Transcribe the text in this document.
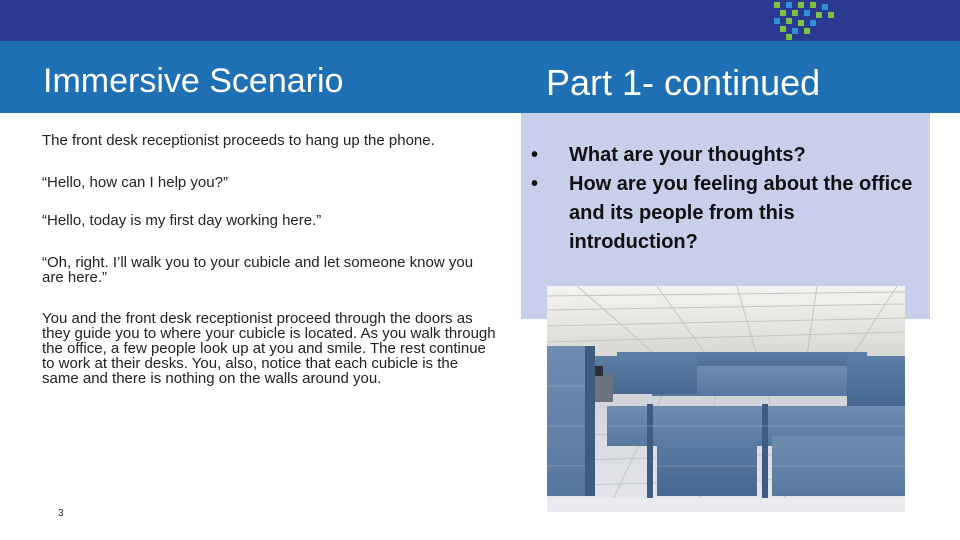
Immersive Scenario	Part 1- continued

The front desk receptionist proceeds to hang up the phone.

“Hello, how can I help you?”

“Hello, today is my first day working here.”

“Oh, right. I’ll walk you to your cubicle and let someone know you are here.”

You and the front desk receptionist proceed through the doors as they guide you to where your cubicle is located. As you walk through the office, a few people look up at you and smile. The rest continue to work at their desks. You, also, notice that each cubicle is the same and there is nothing on the walls around you.

• What are your thoughts?
• How are you feeling about the office and its people from this introduction?
3
